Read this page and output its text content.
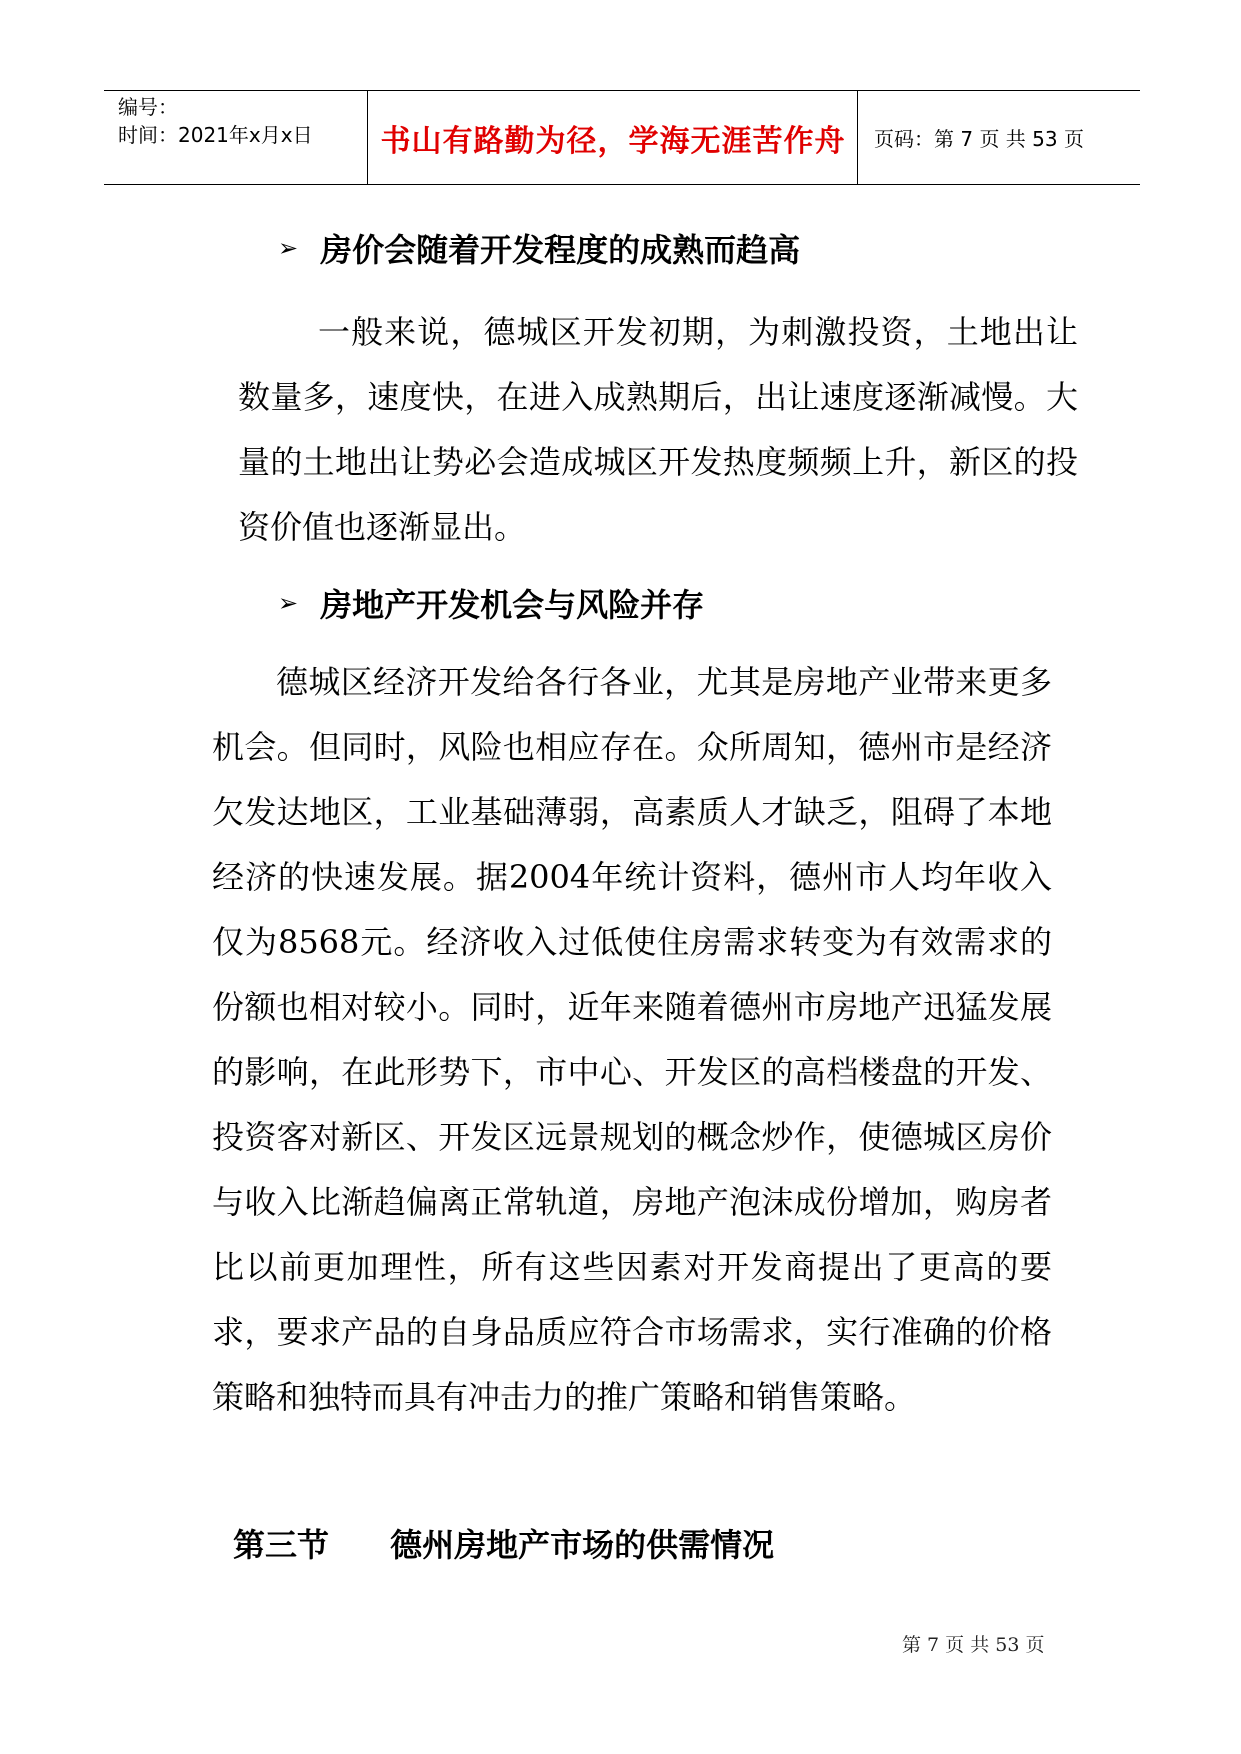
编号：
时间：2021年x月x日	书山有路勤为径，学海无涯苦作舟	页码：第 7 页 共 53 页
➢ 房价会随着开发程度的成熟而趋高

一般来说，德城区开发初期，为刺激投资，土地出让数量多，速度快，在进入成熟期后，出让速度逐渐减慢。大量的土地出让势必会造成城区开发热度频频上升，新区的投资价值也逐渐显出。

➢ 房地产开发机会与风险并存

德城区经济开发给各行各业，尤其是房地产业带来更多机会。但同时，风险也相应存在。众所周知，德州市是经济欠发达地区，工业基础薄弱，高素质人才缺乏，阻碍了本地经济的快速发展。据2004年统计资料，德州市人均年收入仅为8568元。经济收入过低使住房需求转变为有效需求的份额也相对较小。同时，近年来随着德州市房地产迅猛发展的影响，在此形势下，市中心、开发区的高档楼盘的开发、投资客对新区、开发区远景规划的概念炒作，使德城区房价与收入比渐趋偏离正常轨道，房地产泡沫成份增加，购房者比以前更加理性，所有这些因素对开发商提出了更高的要求，要求产品的自身品质应符合市场需求，实行准确的价格策略和独特而具有冲击力的推广策略和销售策略。

第三节 德州房地产市场的供需情况
第 7 页 共 53 页
